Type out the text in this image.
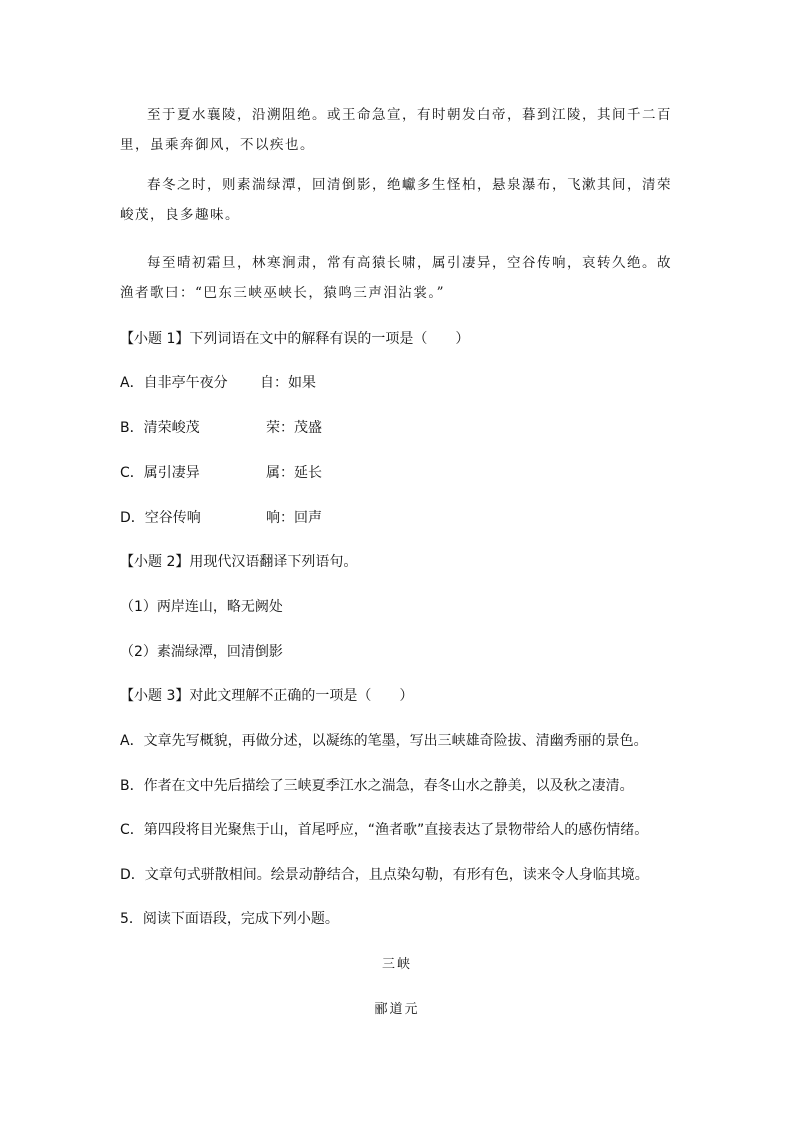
至于夏水襄陵，沿溯阻绝。或王命急宣，有时朝发白帝，暮到江陵，其间千二百里，虽乘奔御风，不以疾也。

春冬之时，则素湍绿潭，回清倒影，绝巘多生怪柏，悬泉瀑布，飞漱其间，清荣峻茂，良多趣味。

每至晴初霜旦，林寒涧肃，常有高猿长啸，属引凄异，空谷传响，哀转久绝。故渔者歌曰：“巴东三峡巫峡长，猿鸣三声泪沾裳。”

【小题 1】下列词语在文中的解释有误的一项是（　　）

A．自非亭午夜分 自：如果

B．清荣峻茂	荣：茂盛

C．属引凄异	属：延长

D．空谷传响	响：回声

【小题 2】用现代汉语翻译下列语句。

（1）两岸连山，略无阙处

（2）素湍绿潭，回清倒影

【小题 3】对此文理解不正确的一项是（　　）

A．文章先写概貌，再做分述，以凝练的笔墨，写出三峡雄奇险拔、清幽秀丽的景色。

B．作者在文中先后描绘了三峡夏季江水之湍急，春冬山水之静美，以及秋之凄清。

C．第四段将目光聚焦于山，首尾呼应，“渔者歌”直接表达了景物带给人的感伤情绪。

D．文章句式骈散相间。绘景动静结合，且点染勾勒，有形有色，读来令人身临其境。

5．阅读下面语段，完成下列小题。

三峡

郦道元
